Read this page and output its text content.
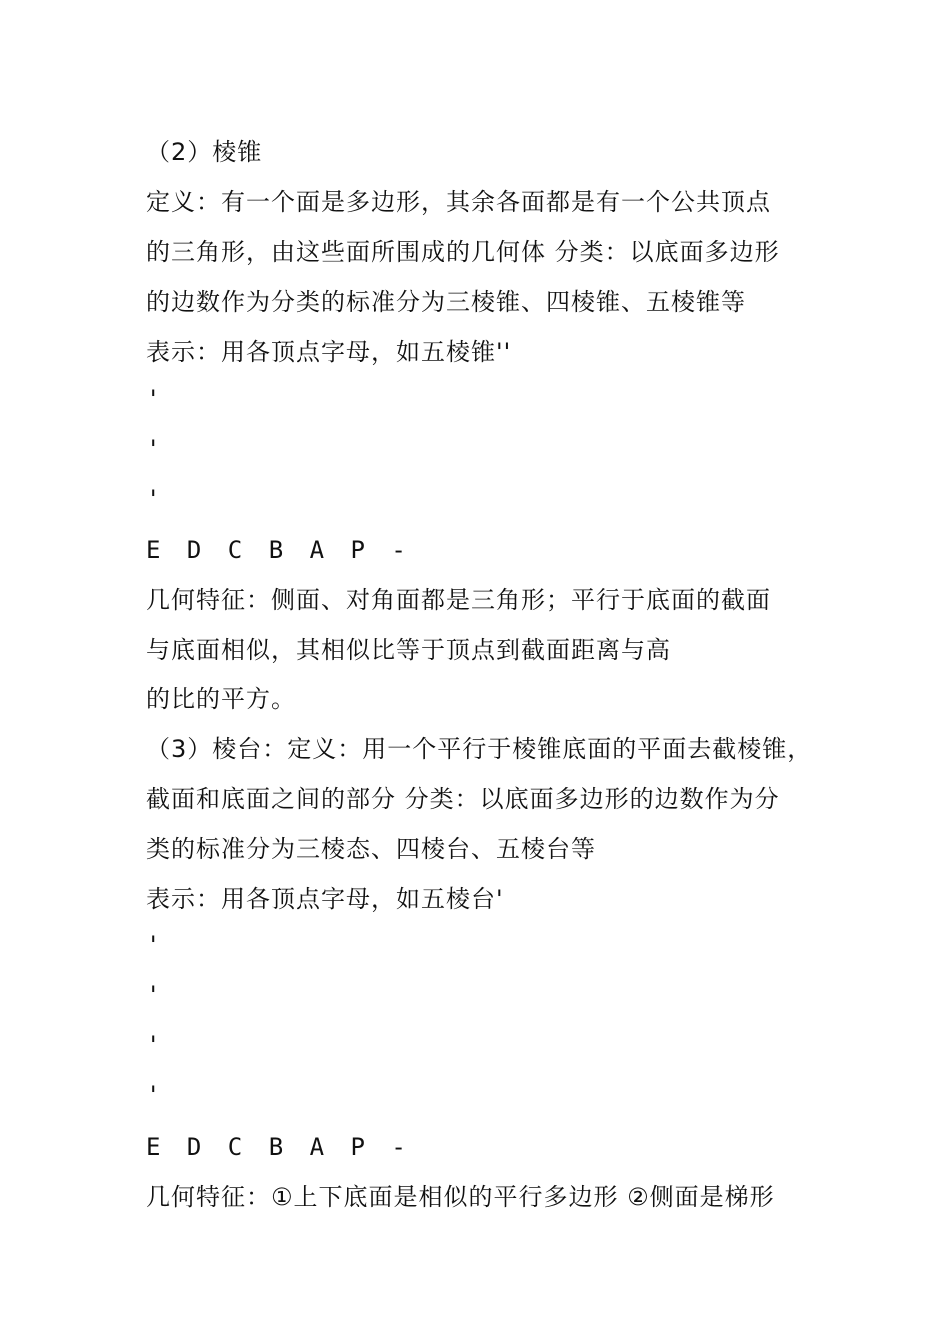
（2）棱锥
定义：有一个面是多边形，其余各面都是有一个公共顶点
的三角形，由这些面所围成的几何体 分类：以底面多边形
的边数作为分类的标准分为三棱锥、四棱锥、五棱锥等
表示：用各顶点字母，如五棱锥''
'
'
'
E D C B A P -
几何特征：侧面、对角面都是三角形；平行于底面的截面
与底面相似，其相似比等于顶点到截面距离与高
的比的平方。
（3）棱台：定义：用一个平行于棱锥底面的平面去截棱锥，
截面和底面之间的部分 分类：以底面多边形的边数作为分
类的标准分为三棱态、四棱台、五棱台等
表示：用各顶点字母，如五棱台'
'
'
'
'
E D C B A P -
几何特征：①上下底面是相似的平行多边形 ②侧面是梯形
